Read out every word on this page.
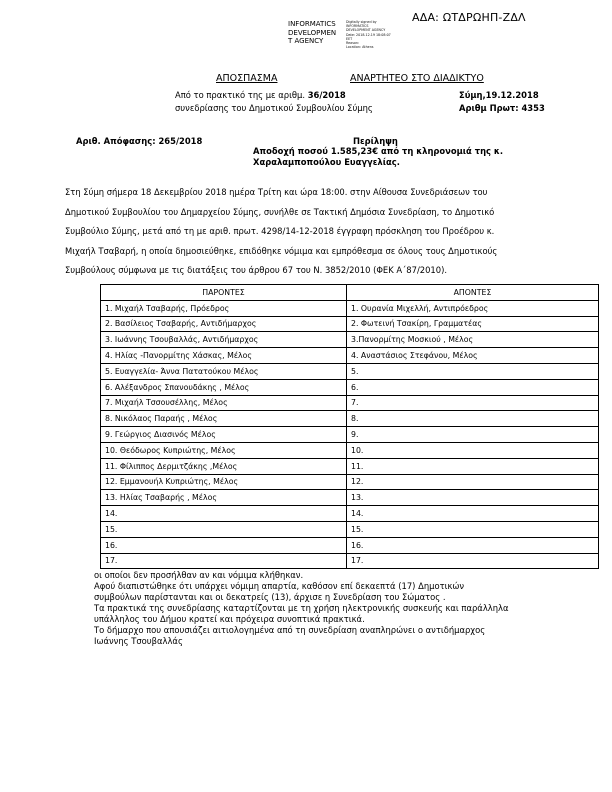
ΑΔΑ: ΩΤΔΡΩΗΠ-ΖΔΛ
INFORMATICS
DEVELOPMEN
T AGENCY
Digitally signed by
INFORMATICS
DEVELOPMENT AGENCY
Date: 2018.12.19 18:08:07
EET
Reason:
Location: Athens
ΑΠΟΣΠΑΣΜΑ	ΑΝΑΡΤΗΤΕΟ ΣΤΟ ΔΙΑΔΙΚΤΥΟ
Από το πρακτικό της με αριθμ. 36/2018
συνεδρίασης του Δημοτικού Συμβουλίου Σύμης
Σύμη,19.12.2018
Αριθμ Πρωτ: 4353
Αριθ. Απόφασης: 265/2018	Περίληψη
Αποδοχή ποσού 1.585,23€ από τη κληρονομιά της κ.
Χαραλαμποπούλου Ευαγγελίας.
Στη Σύμη σήμερα 18 Δεκεμβρίου 2018 ημέρα Τρίτη και ώρα 18:00. στην Αίθουσα Συνεδριάσεων του
Δημοτικού Συμβουλίου του Δημαρχείου Σύμης, συνήλθε σε Τακτική Δημόσια Συνεδρίαση, το Δημοτικό
Συμβούλιο Σύμης, μετά από τη με αριθ. πρωτ. 4298/14-12-2018 έγγραφη πρόσκληση του Προέδρου κ.
Μιχαήλ Τσαβαρή, η οποία δημοσιεύθηκε, επιδόθηκε νόμιμα και εμπρόθεσμα σε όλους τους Δημοτικούς
Συμβούλους σύμφωνα με τις διατάξεις του άρθρου 67 του Ν. 3852/2010 (ΦΕΚ Α΄87/2010).
ΠΑΡΟΝΤΕΣ	ΑΠΟΝΤΕΣ
1. Μιχαήλ Τσαβαρής, Πρόεδρος	1. Ουρανία Μιχελλή, Αντιπρόεδρος
2. Βασίλειος Τσαβαρής, Αντιδήμαρχος	2. Φωτεινή Τσακίρη, Γραμματέας
3. Ιωάννης Τσουβαλλάς, Αντιδήμαρχος	3.Πανορμίτης Μοσκιού , Μέλος
4. Ηλίας -Πανορμίτης Χάσκας, Μέλος	4. Αναστάσιος Στεφάνου, Μέλος
5. Ευαγγελία- Άννα Πατατούκου Μέλος	5.
6. Αλέξανδρος Σπανουδάκης , Μέλος	6.
7. Μιχαήλ Τσσουσέλλης, Μέλος	7.
8. Νικόλαος Παραής , Μέλος	8.
9. Γεώργιος Διασινός Μέλος	9.
10. Θεόδωρος Κυπριώτης, Μέλος	10.
11. Φίλιππος Δερμιτζάκης ,Μέλος	11.
12. Εμμανουήλ Κυπριώτης, Μέλος	12.
13. Ηλίας Τσαβαρής , Μέλος	13.
14.	14.
15.	15.
16.	16.
17.	17.
οι οποίοι δεν προσήλθαν αν και νόμιμα κλήθηκαν.
Αφού διαπιστώθηκε ότι υπάρχει νόμιμη απαρτία, καθόσον επί δεκαεπτά (17) Δημοτικών
συμβούλων παρίστανται και οι δεκατρείς (13), άρχισε η Συνεδρίαση του Σώματος .
Τα πρακτικά της συνεδρίασης καταρτίζονται με τη χρήση ηλεκτρονικής συσκευής και παράλληλα
υπάλληλος του Δήμου κρατεί και πρόχειρα συνοπτικά πρακτικά.
Το δήμαρχο που απουσιάζει αιτιολογημένα από τη συνεδρίαση αναπληρώνει ο αντιδήμαρχος
Ιωάννης Τσουβαλλάς
